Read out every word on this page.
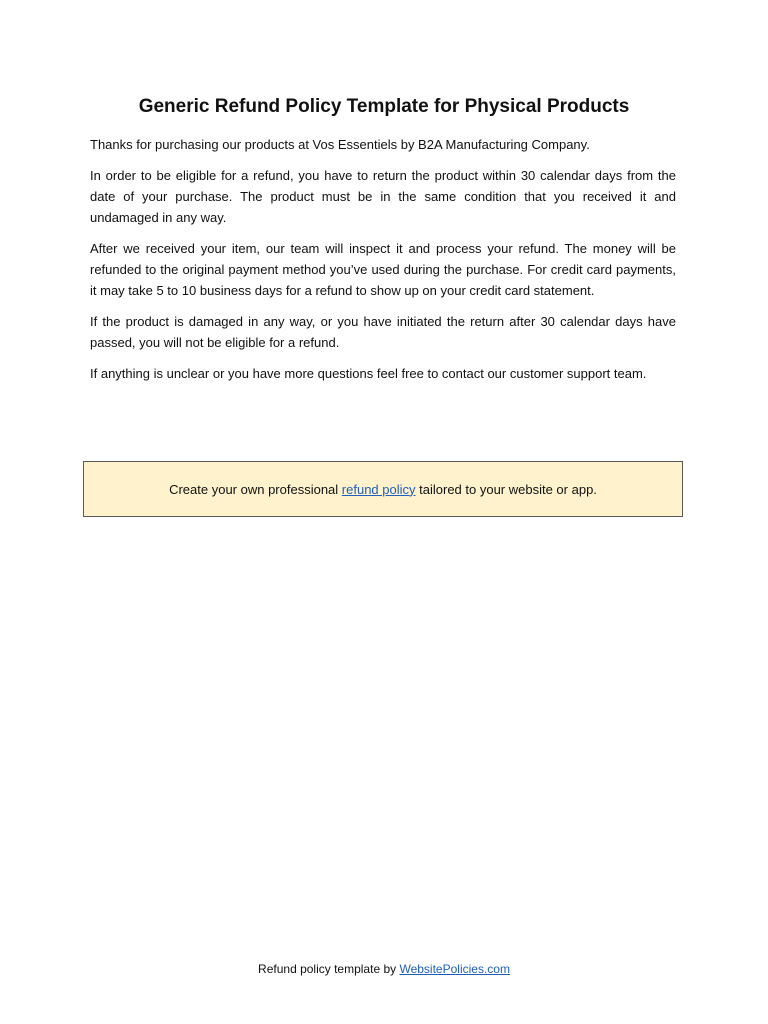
Generic Refund Policy Template for Physical Products

Thanks for purchasing our products at Vos Essentiels by B2A Manufacturing Company.

In order to be eligible for a refund, you have to return the product within 30 calendar days from the date of your purchase. The product must be in the same condition that you received it and undamaged in any way.

After we received your item, our team will inspect it and process your refund. The money will be refunded to the original payment method you’ve used during the purchase. For credit card payments, it may take 5 to 10 business days for a refund to show up on your credit card statement.

If the product is damaged in any way, or you have initiated the return after 30 calendar days have passed, you will not be eligible for a refund.

If anything is unclear or you have more questions feel free to contact our customer support team.

Create your own professional
refund policy
tailored to your website or app.
Refund policy template by WebsitePolicies.com
